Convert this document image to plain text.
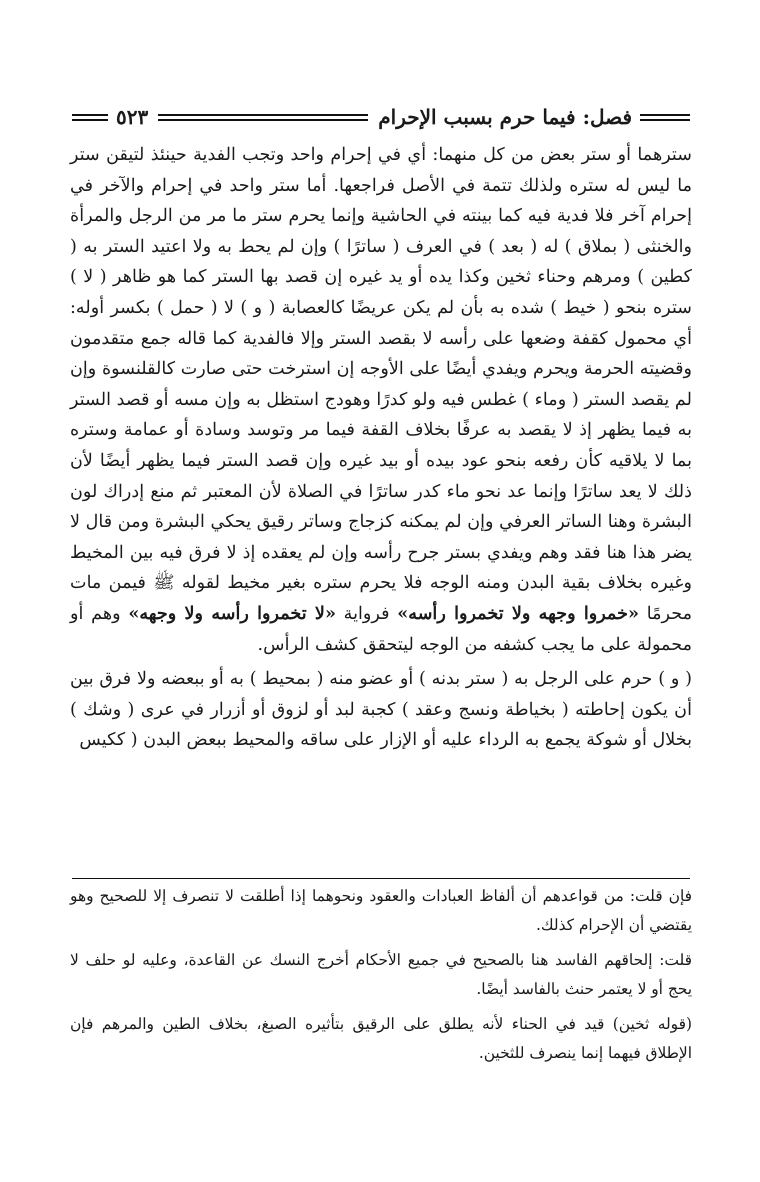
فصل: فيما حرم بسبب الإحرام
٥٢٣

سترهما أو ستر بعض من كل منهما: أي في إحرام واحد وتجب الفدية حينئذ لتيقن ستر ما ليس له ستره ولذلك تتمة في الأصل فراجعها. أما ستر واحد في إحرام والآخر في إحرام آخر فلا فدية فيه كما بينته في الحاشية وإنما يحرم ستر ما مر من الرجل والمرأة والخنثى ( بملاق ) له ( بعد ) في العرف ( ساترًا ) وإن لم يحط به ولا اعتيد الستر به ( كطين ) ومرهم وحناء ثخين وكذا يده أو يد غيره إن قصد بها الستر كما هو ظاهر ( لا ) ستره بنحو ( خيط ) شده به بأن لم يكن عريضًا كالعصابة ( و ) لا ( حمل ) بكسر أوله: أي محمول كقفة وضعها على رأسه لا بقصد الستر وإلا فالفدية كما قاله جمع متقدمون وقضيته الحرمة ويحرم ويفدي أيضًا على الأوجه إن استرخت حتى صارت كالقلنسوة وإن لم يقصد الستر ( وماء ) غطس فيه ولو كدرًا وهودج استظل به وإن مسه أو قصد الستر به فيما يظهر إذ لا يقصد به عرفًا بخلاف القفة فيما مر وتوسد وسادة أو عمامة وستره بما لا يلاقيه كأن رفعه بنحو عود بيده أو بيد غيره وإن قصد الستر فيما يظهر أيضًا لأن ذلك لا يعد ساترًا وإنما عد نحو ماء كدر ساترًا في الصلاة لأن المعتبر ثم منع إدراك لون البشرة وهنا الساتر العرفي وإن لم يمكنه كزجاج وساتر رقيق يحكي البشرة ومن قال لا يضر هذا هنا فقد وهم ويفدي بستر جرح رأسه وإن لم يعقده إذ لا فرق فيه بين المخيط وغيره بخلاف بقية البدن ومنه الوجه فلا يحرم ستره بغير مخيط لقوله ﷺ فيمن مات محرمًا «خمروا وجهه ولا تخمروا رأسه» فرواية «لا تخمروا رأسه ولا وجهه» وهم أو محمولة على ما يجب كشفه من الوجه ليتحقق كشف الرأس.

( و ) حرم على الرجل به ( ستر بدنه ) أو عضو منه ( بمحيط ) به أو ببعضه ولا فرق بين أن يكون إحاطته ( بخياطة ونسج وعقد ) كجبة لبد أو لزوق أو أزرار في عرى ( وشك ) بخلال أو شوكة يجمع به الرداء عليه أو الإزار على ساقه والمحيط ببعض البدن ( ككيس

فإن قلت: من قواعدهم أن ألفاظ العبادات والعقود ونحوهما إذا أطلقت لا تنصرف إلا للصحيح وهو يقتضي أن الإحرام كذلك.

قلت: إلحاقهم الفاسد هنا بالصحيح في جميع الأحكام أخرج النسك عن القاعدة، وعليه لو حلف لا يحج أو لا يعتمر حنث بالفاسد أيضًا.

(قوله ثخين) قيد في الحناء لأنه يطلق على الرقيق بتأثيره الصبغ، بخلاف الطين والمرهم فإن الإطلاق فيهما إنما ينصرف للثخين.
